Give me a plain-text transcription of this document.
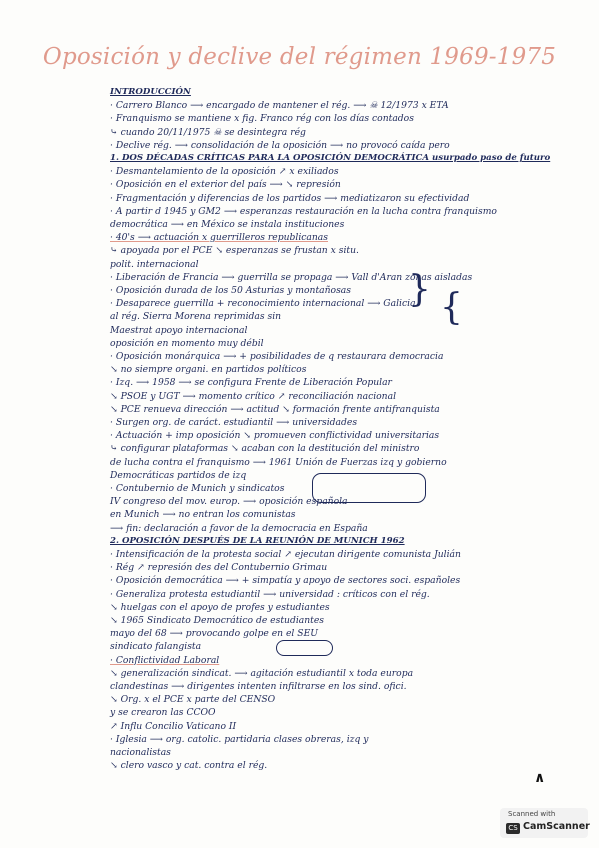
Oposición y declive del régimen 1969-1975
INTRODUCCIÓN
· Carrero Blanco ⟶ encargado de mantener el rég. ⟶ ☠ 12/1973 x ETA
· Franquismo se mantiene x fig. Franco rég con los días contados
⤷ cuando 20/11/1975 ☠ se desintegra rég
· Declive rég. ⟶ consolidación de la oposición ⟶ no provocó caída pero
1. DOS DÉCADAS CRÍTICAS PARA LA OPOSICIÓN DEMOCRÁTICA usurpado paso de futuro
· Desmantelamiento de la oposición ↗ x exiliados
· Oposición en el exterior del país ⟶ ↘ represión
· Fragmentación y diferencias de los partidos ⟶ mediatizaron su efectividad
· A partir d 1945 y GM2 ⟶ esperanzas restauración en la lucha contra franquismo
democrática ⟶ en México se instala instituciones
· 40's ⟶ actuación x guerrilleros republicanas
⤷ apoyada por el PCE ↘ esperanzas se frustan x situ.
polit. internacional
· Liberación de Francia ⟶ guerrilla se propaga ⟶ Vall d'Aran zonas aisladas
· Oposición durada de los 50 Asturias y montañosas
· Desaparece guerrilla + reconocimiento internacional ⟶ Galicia
al rég. Sierra Morena reprimidas sin
Maestrat apoyo internacional
oposición en momento muy débil
· Oposición monárquica ⟶ + posibilidades de q restaurara democracia
↘ no siempre organi. en partidos políticos
· Izq. ⟶ 1958 ⟶ se configura Frente de Liberación Popular
↘ PSOE y UGT ⟶ momento crítico ↗ reconciliación nacional
↘ PCE renueva dirección ⟶ actitud ↘ formación frente antifranquista
· Surgen org. de caráct. estudiantil ⟶ universidades
· Actuación + imp oposición ↘ promueven conflictividad universitarias
⤷ configurar plataformas ↘ acaban con la destitución del ministro
de lucha contra el franquismo ⟶ 1961 Unión de Fuerzas izq y gobierno
Democráticas partidos de izq
· Contubernio de Munich y sindicatos
IV congreso del mov. europ. ⟶ oposición española
en Munich ⟶ no entran los comunistas
⟶ fin: declaración a favor de la democracia en España
2. OPOSICIÓN DESPUÉS DE LA REUNIÓN DE MUNICH 1962
· Intensificación de la protesta social ↗ ejecutan dirigente comunista Julián
· Rég ↗ represión des del Contubernio Grimau
· Oposición democrática ⟶ + simpatía y apoyo de sectores soci. españoles
· Generaliza protesta estudiantil ⟶ universidad : críticos con el rég.
↘ huelgas con el apoyo de profes y estudiantes
↘ 1965 Sindicato Democrático de estudiantes
mayo del 68 ⟶ provocando golpe en el SEU
sindicato falangista
· Conflictividad Laboral
↘ generalización sindicat. ⟶ agitación estudiantil x toda europa
clandestinas ⟶ dirigentes intenten infiltrarse en los sind. ofici.
↘ Org. x el PCE x parte del CENSO
y se crearon las CCOO
↗ Influ Concilio Vaticano II
· Iglesia ⟶ org. catolic. partidaria clases obreras, izq y
nacionalistas
↘ clero vasco y cat. contra el rég.
} {
∧
Scanned with
CS CamScanner
